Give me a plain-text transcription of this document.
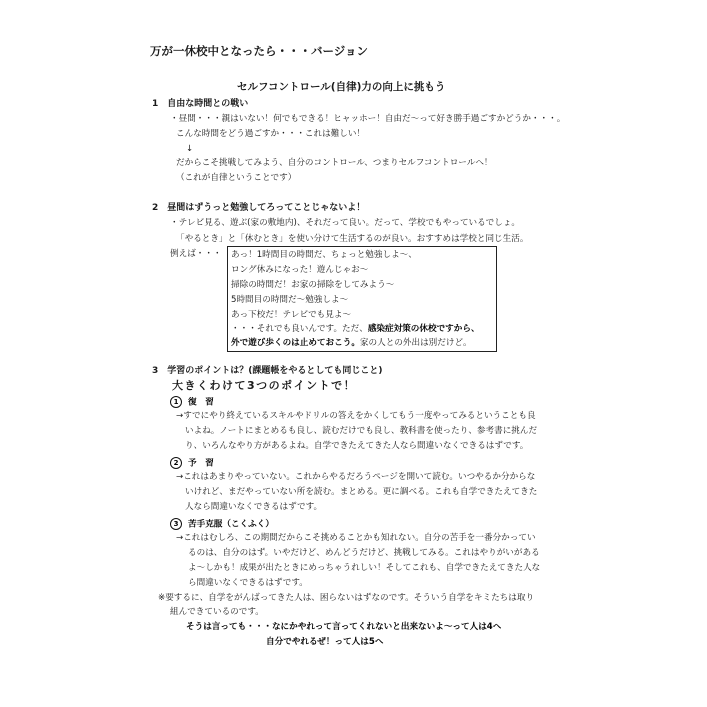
万が一休校中となったら・・・バージョン
セルフコントロール(自律)力の向上に挑もう
1　自由な時間との戦い
・昼間・・・親はいない！何でもできる！ヒャッホー！自由だ～って好き勝手過ごすかどうか・・・。
こんな時間をどう過ごすか・・・これは難しい！
↓
だからこそ挑戦してみよう、自分のコントロール、つまりセルフコントロールへ！
（これが自律ということです）
2　昼間はずうっと勉強してろってことじゃないよ！
・テレビ見る、遊ぶ(家の敷地内)、それだって良い。だって、学校でもやっているでしょ。
「やるとき」と「休むとき」を使い分けて生活するのが良い。おすすめは学校と同じ生活。
例えば・・・ あっ！1時間目の時間だ、ちょっと勉強しよ～、
ロング休みになった！遊んじゃお～
掃除の時間だ！お家の掃除をしてみよう～
5時間目の時間だ～勉強しよ～
あっ下校だ！テレビでも見よ～
・・・それでも良いんです。ただ、感染症対策の休校ですから、
外で遊び歩くのは止めておこう。家の人との外出は別だけど。
3　学習のポイントは？(課題帳をやるとしても同じこと)
大きくわけて3つのポイントで！
1 復　習
→すでにやり終えているスキルやドリルの答えをかくしてもう一度やってみるということも良
いよね。ノートにまとめるも良し、読むだけでも良し、教科書を使ったり、参考書に挑んだ
り、いろんなやり方があるよね。自学できたえてきた人なら間違いなくできるはずです。
2 予　習
→これはあまりやっていない。これからやるだろうページを開いて読む。いつやるか分からな
いけれど、まだやっていない所を読む。まとめる。更に調べる。これも自学できたえてきた
人なら間違いなくできるはずです。
3 苦手克服（こくふく）
→これはむしろ、この期間だからこそ挑めることかも知れない。自分の苦手を一番分かってい
るのは、自分のはず。いやだけど、めんどうだけど、挑戦してみる。これはやりがいがある
よ～しかも！成果が出たときにめっちゃうれしい！そしてこれも、自学できたえてきた人な
ら間違いなくできるはずです。
※要するに、自学をがんばってきた人は、困らないはずなのです。そういう自学をキミたちは取り
組んできているのです。
そうは言っても・・・なにかやれって言ってくれないと出来ないよ～って人は4へ
自分でやれるぜ！って人は5へ
